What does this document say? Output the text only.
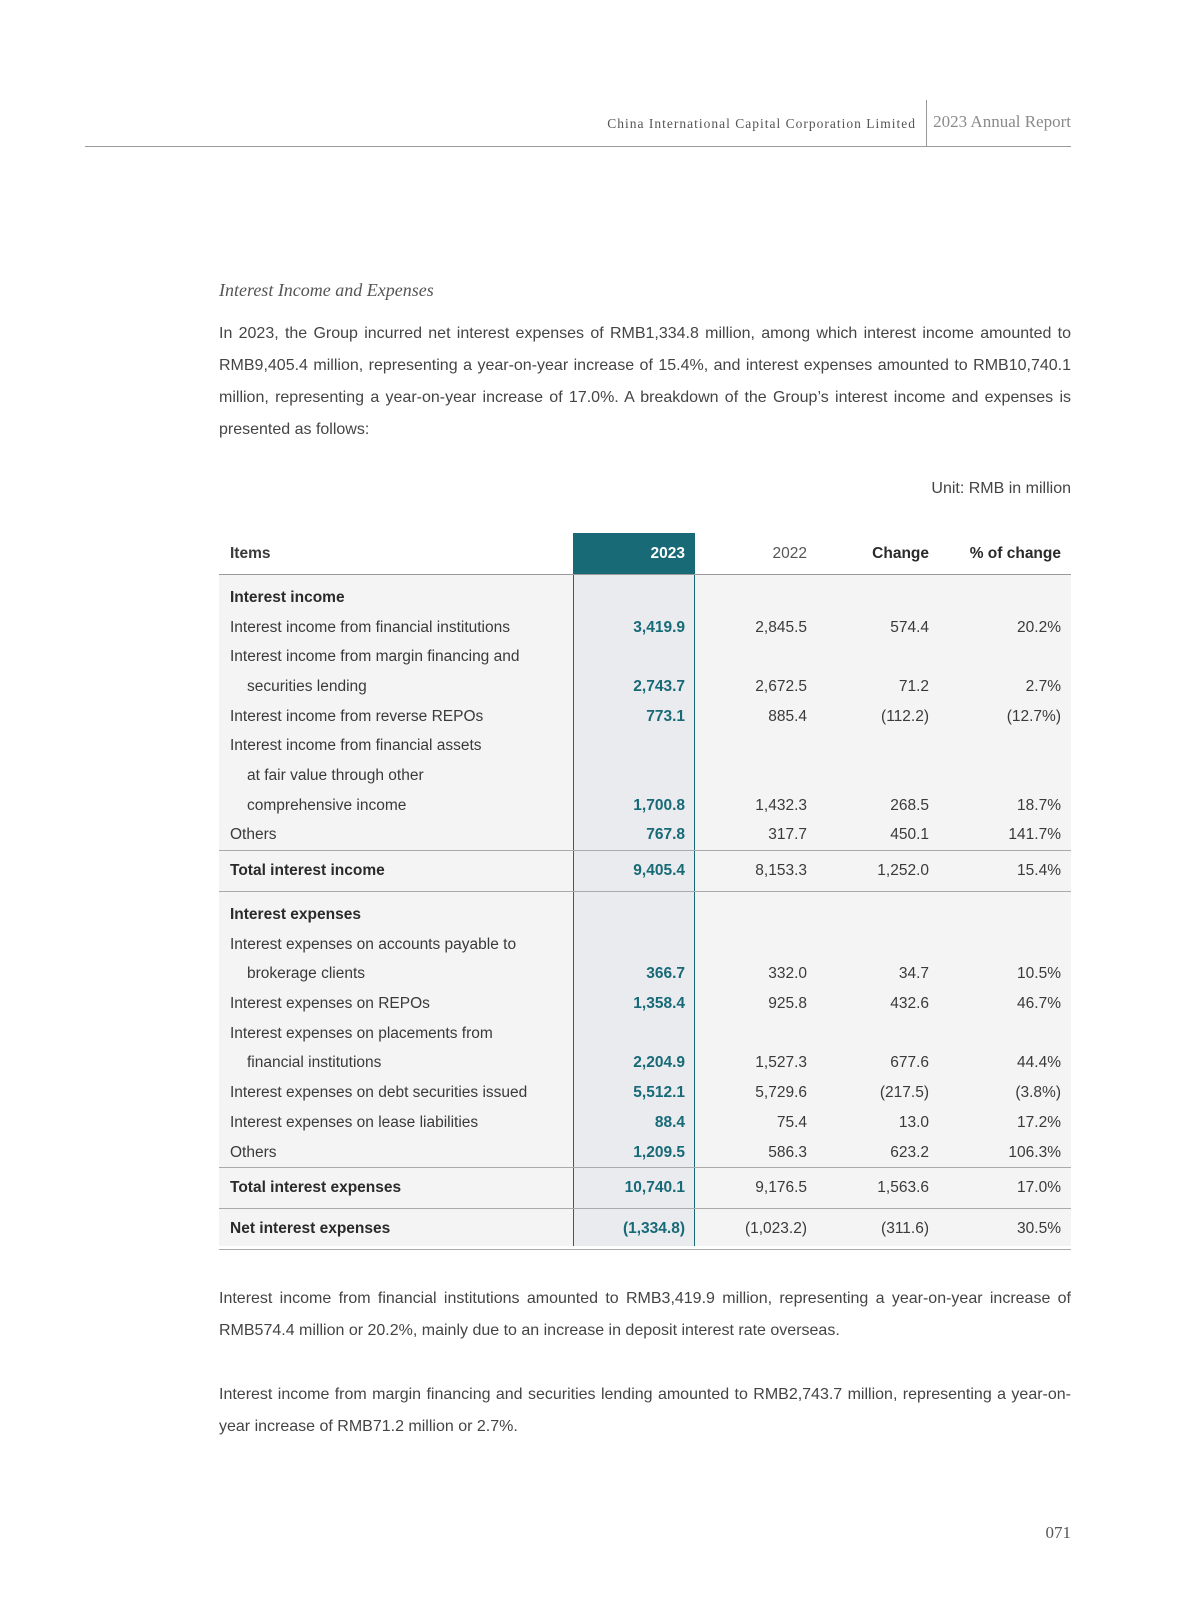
China International Capital Corporation Limited 2023 Annual Report
Interest Income and Expenses
In 2023, the Group incurred net interest expenses of RMB1,334.8 million, among which interest income amounted to RMB9,405.4 million, representing a year-on-year increase of 15.4%, and interest expenses amounted to RMB10,740.1 million, representing a year-on-year increase of 17.0%. A breakdown of the Group’s interest income and expenses is presented as follows:
Unit: RMB in million
Items	2023	2022	Change	% of change
Interest income
Interest income from financial institutions	3,419.9	2,845.5	574.4	20.2%
Interest income from margin financing and
securities lending	2,743.7	2,672.5	71.2	2.7%
Interest income from reverse REPOs	773.1	885.4	(112.2)	(12.7%)
Interest income from financial assets
at fair value through other
comprehensive income	1,700.8	1,432.3	268.5	18.7%
Others	767.8	317.7	450.1	141.7%
Total interest income	9,405.4	8,153.3	1,252.0	15.4%
Interest expenses
Interest expenses on accounts payable to
brokerage clients	366.7	332.0	34.7	10.5%
Interest expenses on REPOs	1,358.4	925.8	432.6	46.7%
Interest expenses on placements from
financial institutions	2,204.9	1,527.3	677.6	44.4%
Interest expenses on debt securities issued	5,512.1	5,729.6	(217.5)	(3.8%)
Interest expenses on lease liabilities	88.4	75.4	13.0	17.2%
Others	1,209.5	586.3	623.2	106.3%
Total interest expenses	10,740.1	9,176.5	1,563.6	17.0%
Net interest expenses	(1,334.8)	(1,023.2)	(311.6)	30.5%
Interest income from financial institutions amounted to RMB3,419.9 million, representing a year-on-year increase of RMB574.4 million or 20.2%, mainly due to an increase in deposit interest rate overseas.
Interest income from margin financing and securities lending amounted to RMB2,743.7 million, representing a year-on-year increase of RMB71.2 million or 2.7%.
071
